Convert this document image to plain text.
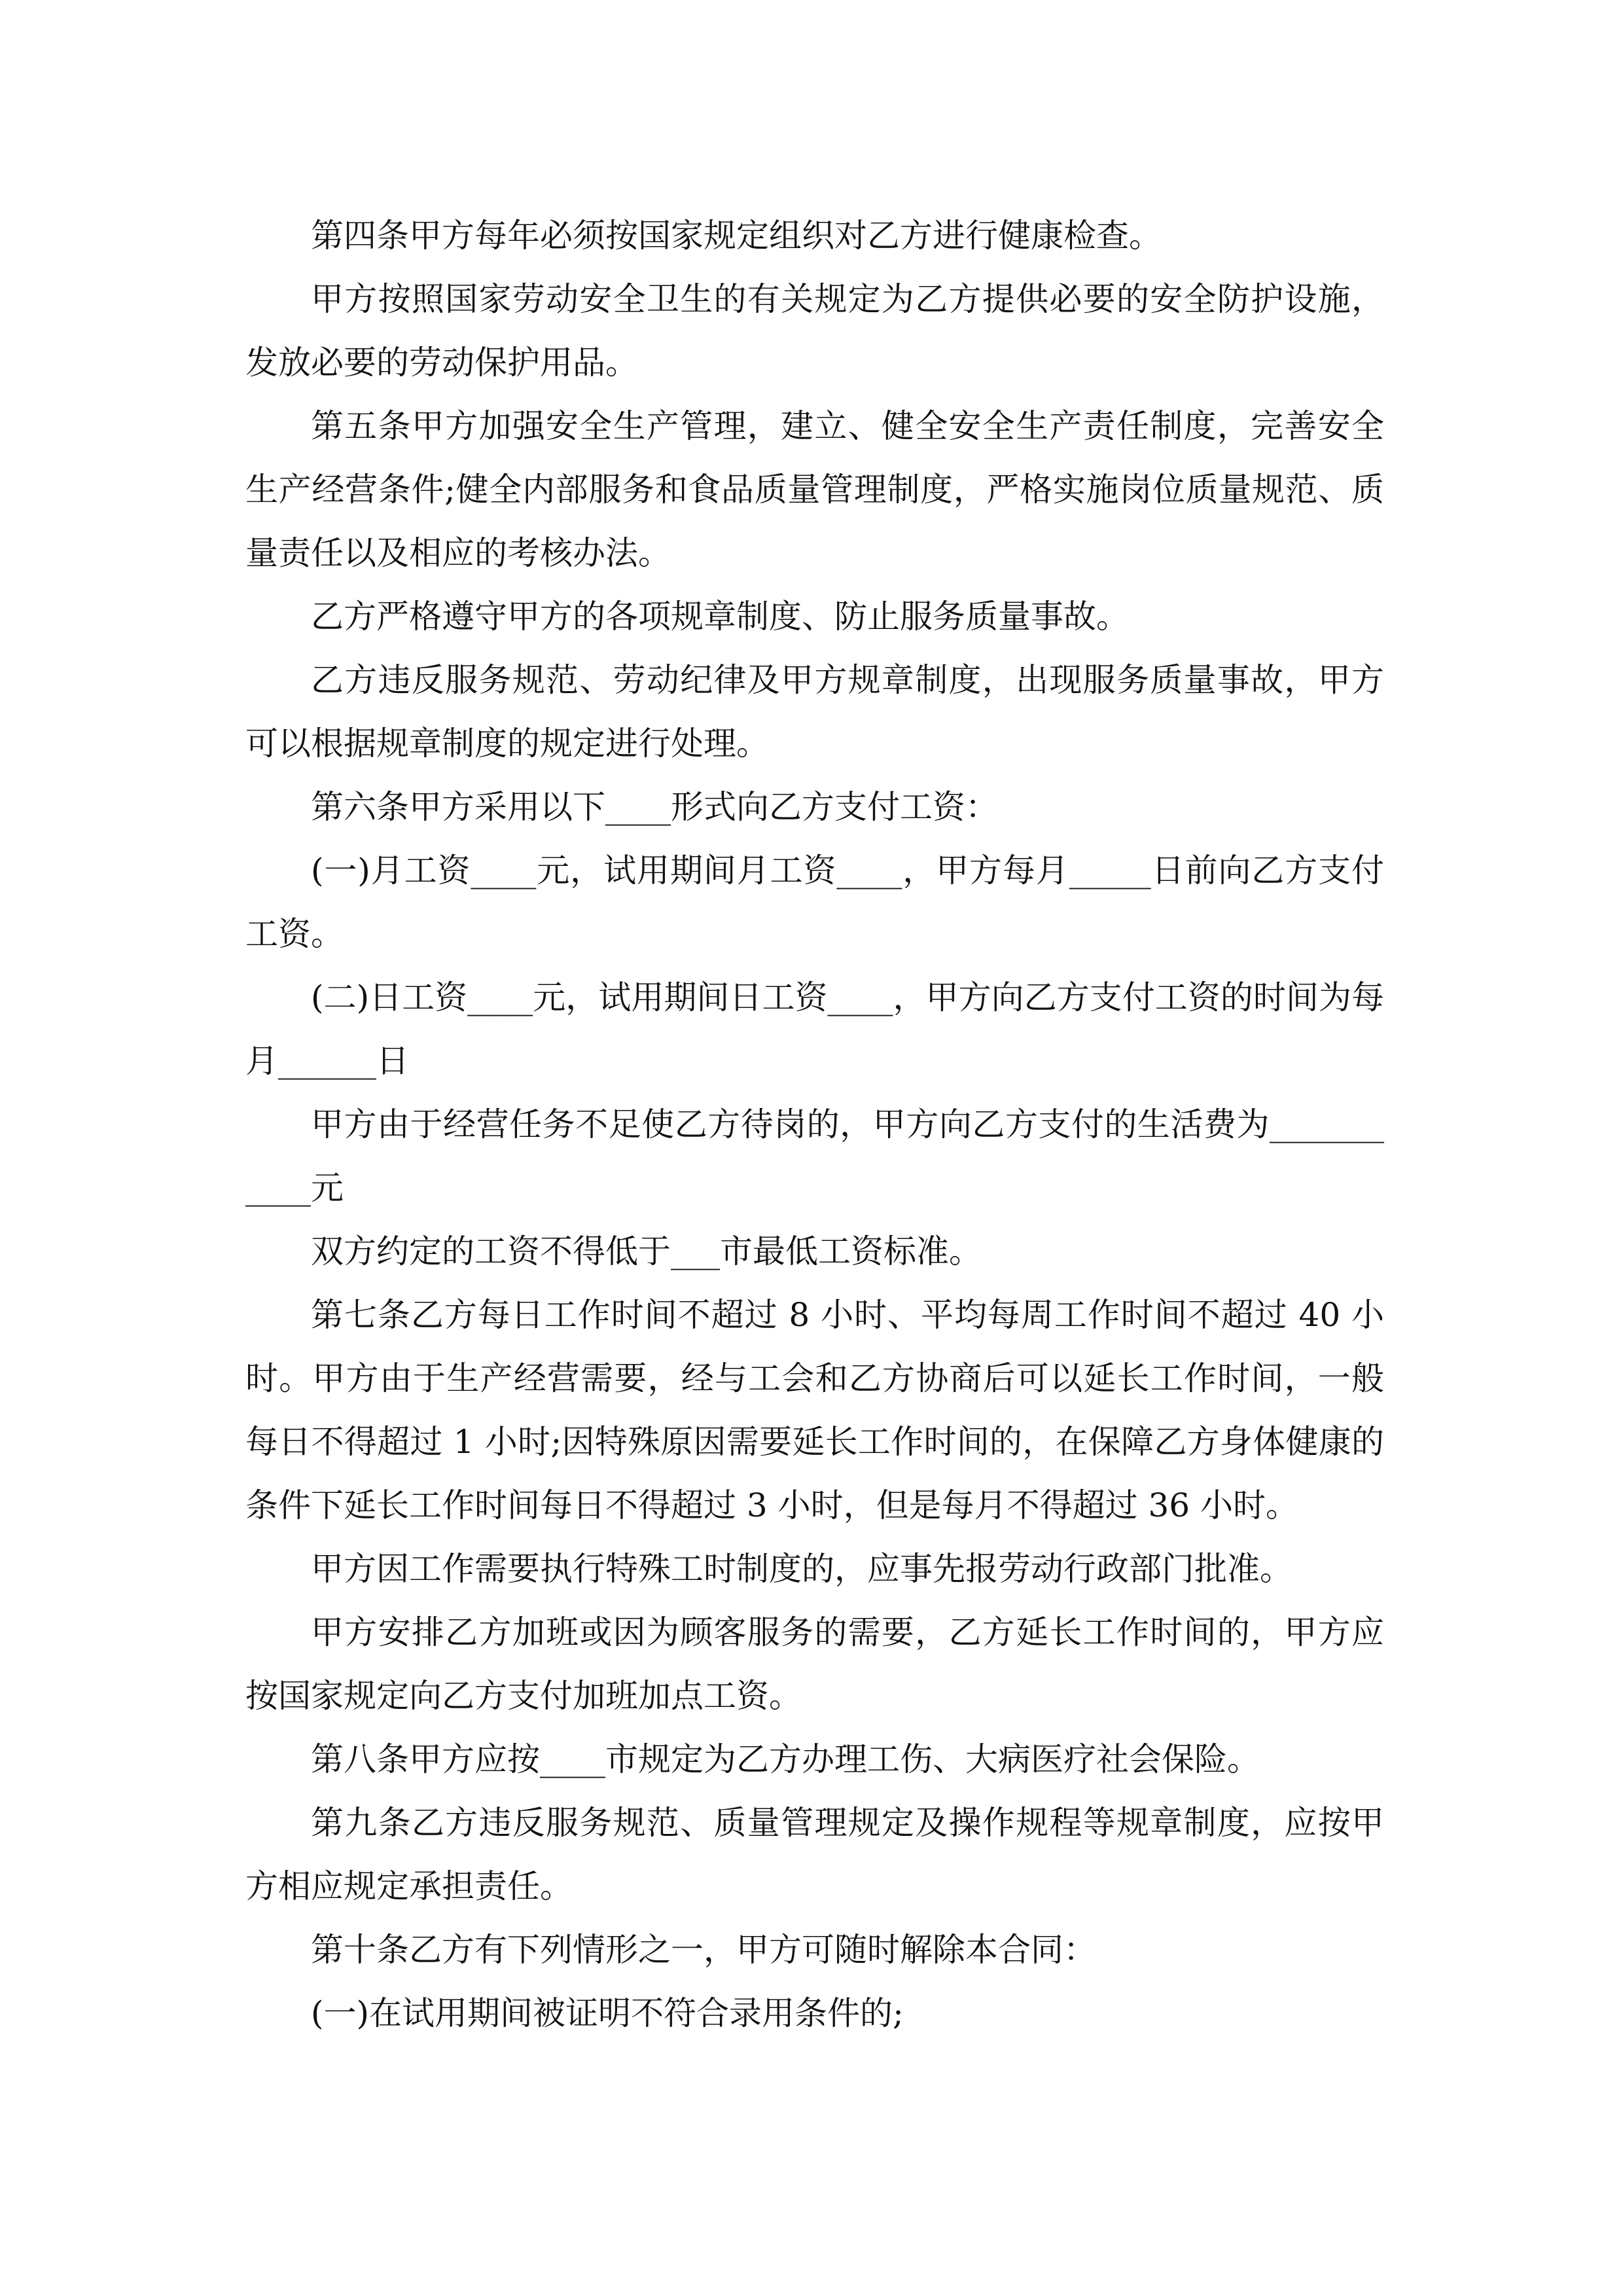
第四条甲方每年必须按国家规定组织对乙方进行健康检查。

甲方按照国家劳动安全卫生的有关规定为乙方提供必要的安全防护设施，发放必要的劳动保护用品。

第五条甲方加强安全生产管理，建立、健全安全生产责任制度，完善安全生产经营条件;健全内部服务和食品质量管理制度，严格实施岗位质量规范、质量责任以及相应的考核办法。

乙方严格遵守甲方的各项规章制度、防止服务质量事故。

乙方违反服务规范、劳动纪律及甲方规章制度，出现服务质量事故，甲方可以根据规章制度的规定进行处理。

第六条甲方采用以下____形式向乙方支付工资：

(一)月工资____元，试用期间月工资____，甲方每月_____日前向乙方支付工资。

(二)日工资____元，试用期间日工资____，甲方向乙方支付工资的时间为每月______日

甲方由于经营任务不足使乙方待岗的，甲方向乙方支付的生活费为___________元

双方约定的工资不得低于___市最低工资标准。

第七条乙方每日工作时间不超过 8 小时、平均每周工作时间不超过 40 小时。甲方由于生产经营需要，经与工会和乙方协商后可以延长工作时间，一般每日不得超过 1 小时;因特殊原因需要延长工作时间的，在保障乙方身体健康的条件下延长工作时间每日不得超过 3 小时，但是每月不得超过 36 小时。

甲方因工作需要执行特殊工时制度的，应事先报劳动行政部门批准。

甲方安排乙方加班或因为顾客服务的需要，乙方延长工作时间的，甲方应按国家规定向乙方支付加班加点工资。

第八条甲方应按____市规定为乙方办理工伤、大病医疗社会保险。

第九条乙方违反服务规范、质量管理规定及操作规程等规章制度，应按甲方相应规定承担责任。

第十条乙方有下列情形之一，甲方可随时解除本合同：

(一)在试用期间被证明不符合录用条件的;
